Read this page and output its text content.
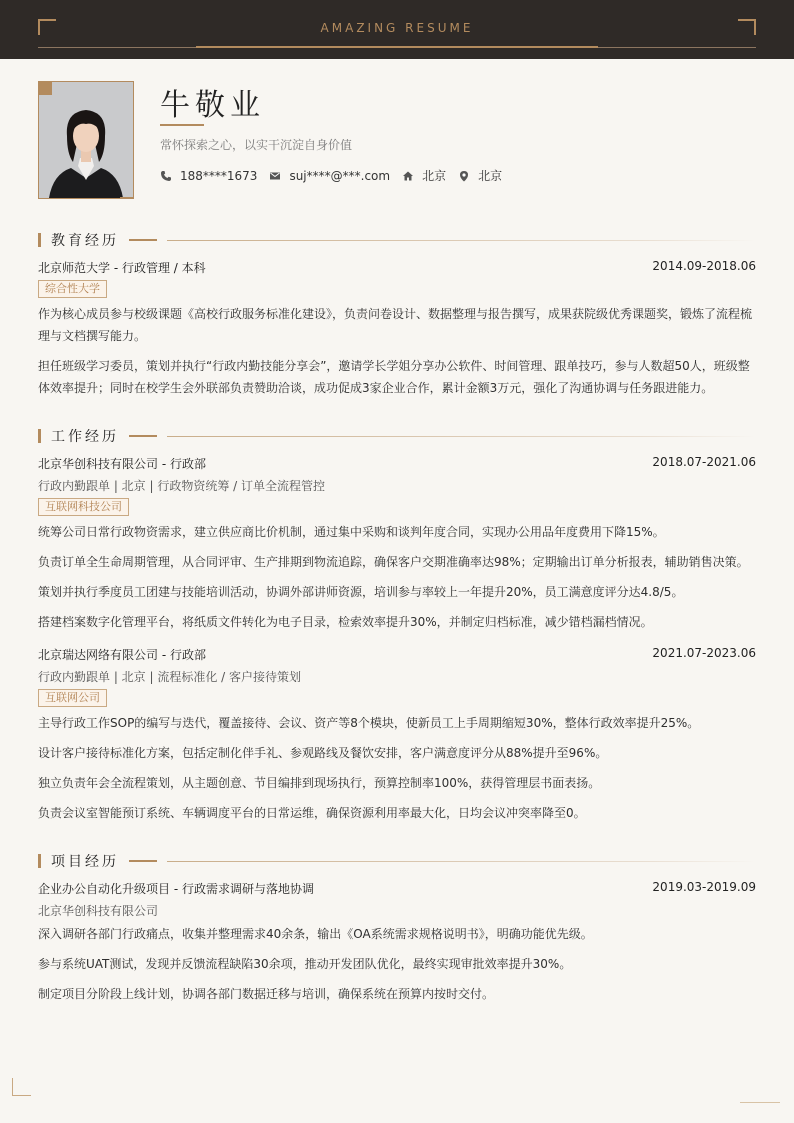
AMAZING RESUME
牛敬业
常怀探索之心，以实干沉淀自身价值
188****1673	suj****@***.com	北京	北京
教育经历
北京师范大学 - 行政管理 / 本科	2014.09-2018.06
综合性大学
作为核心成员参与校级课题《高校行政服务标准化建设》，负责问卷设计、数据整理与报告撰写，成果获院级优秀课题奖，锻炼了流程梳理与文档撰写能力。
担任班级学习委员，策划并执行“行政内勤技能分享会”，邀请学长学姐分享办公软件、时间管理、跟单技巧，参与人数超50人，班级整体效率提升；同时在校学生会外联部负责赞助洽谈，成功促成3家企业合作，累计金额3万元，强化了沟通协调与任务跟进能力。
工作经历
北京华创科技有限公司 - 行政部	2018.07-2021.06
行政内勤跟单 | 北京 | 行政物资统筹 / 订单全流程管控
互联网科技公司
统筹公司日常行政物资需求，建立供应商比价机制，通过集中采购和谈判年度合同，实现办公用品年度费用下降15%。
负责订单全生命周期管理，从合同评审、生产排期到物流追踪，确保客户交期准确率达98%；定期输出订单分析报表，辅助销售决策。
策划并执行季度员工团建与技能培训活动，协调外部讲师资源，培训参与率较上一年提升20%，员工满意度评分达4.8/5。
搭建档案数字化管理平台，将纸质文件转化为电子目录，检索效率提升30%，并制定归档标准，减少错档漏档情况。
北京瑞达网络有限公司 - 行政部	2021.07-2023.06
行政内勤跟单 | 北京 | 流程标准化 / 客户接待策划
互联网公司
主导行政工作SOP的编写与迭代，覆盖接待、会议、资产等8个模块，使新员工上手周期缩短30%，整体行政效率提升25%。
设计客户接待标准化方案，包括定制化伴手礼、参观路线及餐饮安排，客户满意度评分从88%提升至96%。
独立负责年会全流程策划，从主题创意、节目编排到现场执行，预算控制率100%，获得管理层书面表扬。
负责会议室智能预订系统、车辆调度平台的日常运维，确保资源利用率最大化，日均会议冲突率降至0。
项目经历
企业办公自动化升级项目 - 行政需求调研与落地协调	2019.03-2019.09
北京华创科技有限公司
深入调研各部门行政痛点，收集并整理需求40余条，输出《OA系统需求规格说明书》，明确功能优先级。
参与系统UAT测试，发现并反馈流程缺陷30余项，推动开发团队优化，最终实现审批效率提升30%。
制定项目分阶段上线计划，协调各部门数据迁移与培训，确保系统在预算内按时交付。
